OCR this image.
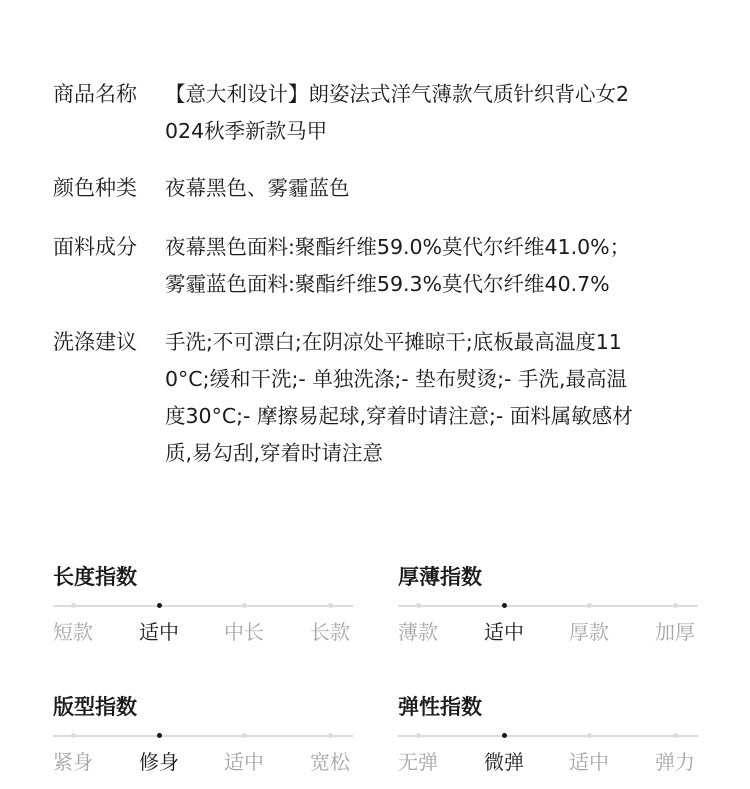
商品名称	【意大利设计】朗姿法式洋气薄款气质针织背心女2
024秋季新款马甲
颜色种类	夜幕黑色、雾霾蓝色
面料成分	夜幕黑色面料:聚酯纤维59.0%莫代尔纤维41.0%；
雾霾蓝色面料:聚酯纤维59.3%莫代尔纤维40.7%
洗涤建议	手洗;不可漂白;在阴凉处平摊晾干;底板最高温度11
0°C;缓和干洗;- 单独洗涤;- 垫布熨烫;- 手洗,最高温
度30°C;- 摩擦易起球,穿着时请注意;- 面料属敏感材
质,易勾刮,穿着时请注意
长度指数
短款 适中 中长 长款
厚薄指数
薄款 适中 厚款 加厚
版型指数
紧身 修身 适中 宽松
弹性指数
无弹 微弹 适中 弹力
